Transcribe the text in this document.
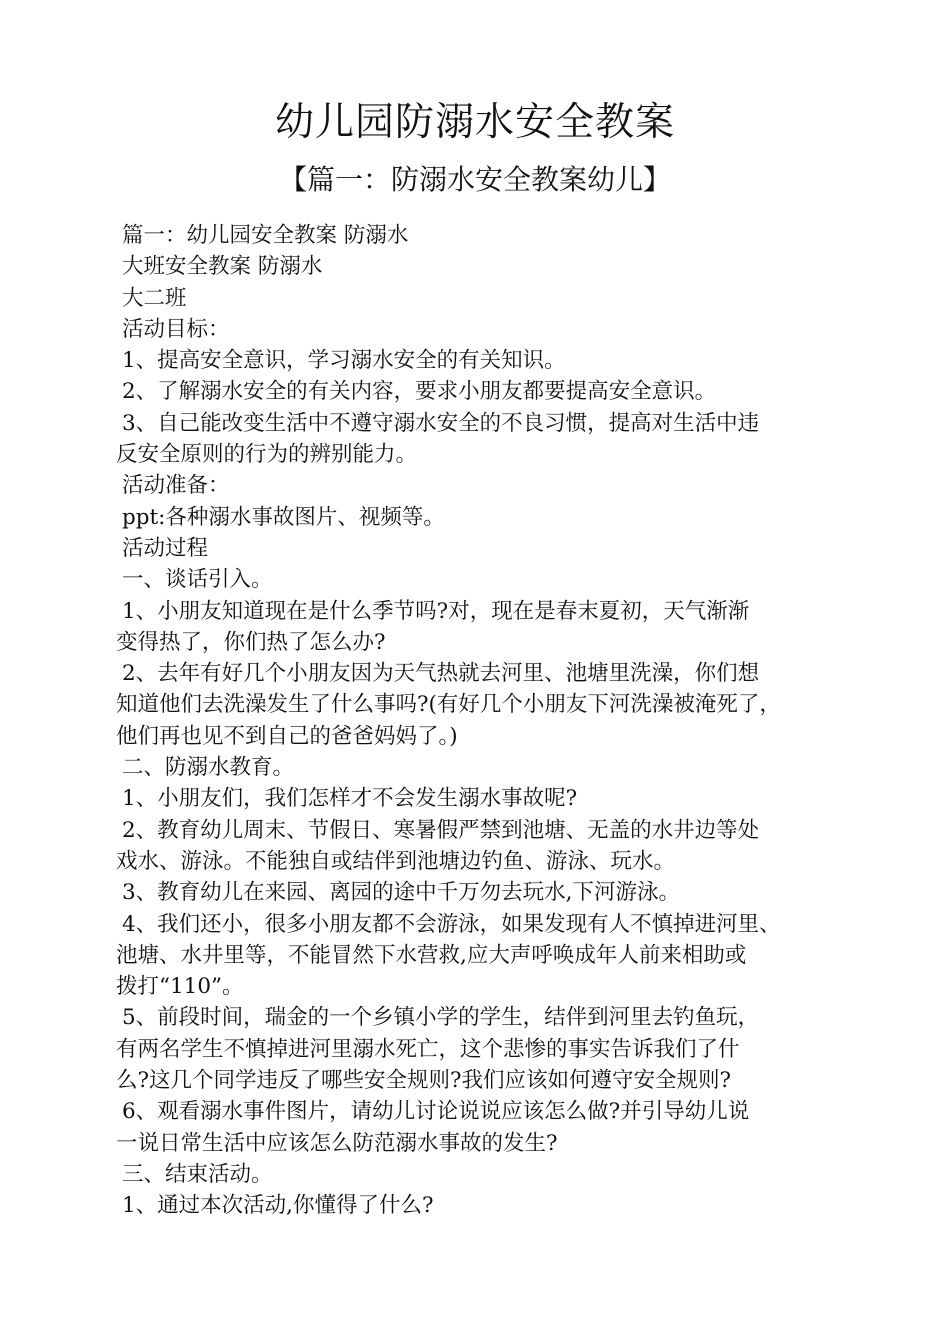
幼儿园防溺水安全教案
【篇一：防溺水安全教案幼儿】

篇一：幼儿园安全教案 防溺水

大班安全教案 防溺水

大二班

活动目标：

1、提高安全意识，学习溺水安全的有关知识。

2、了解溺水安全的有关内容，要求小朋友都要提高安全意识。

3、自己能改变生活中不遵守溺水安全的不良习惯，提高对生活中违

反安全原则的行为的辨别能力。

活动准备：

ppt:各种溺水事故图片、视频等。

活动过程

一、谈话引入。

1、小朋友知道现在是什么季节吗?对，现在是春末夏初，天气渐渐

变得热了，你们热了怎么办?

2、去年有好几个小朋友因为天气热就去河里、池塘里洗澡，你们想

知道他们去洗澡发生了什么事吗?(有好几个小朋友下河洗澡被淹死了，

他们再也见不到自己的爸爸妈妈了。)

二、防溺水教育。

1、小朋友们，我们怎样才不会发生溺水事故呢?

2、教育幼儿周末、节假日、寒暑假严禁到池塘、无盖的水井边等处

戏水、游泳。不能独自或结伴到池塘边钓鱼、游泳、玩水。

3、教育幼儿在来园、离园的途中千万勿去玩水,下河游泳。

4、我们还小，很多小朋友都不会游泳，如果发现有人不慎掉进河里、

池塘、水井里等，不能冒然下水营救,应大声呼唤成年人前来相助或

拨打“110”。

5、前段时间，瑞金的一个乡镇小学的学生，结伴到河里去钓鱼玩，

有两名学生不慎掉进河里溺水死亡，这个悲惨的事实告诉我们了什

么?这几个同学违反了哪些安全规则?我们应该如何遵守安全规则?

6、观看溺水事件图片，请幼儿讨论说说应该怎么做?并引导幼儿说

一说日常生活中应该怎么防范溺水事故的发生?

三、结束活动。

1、通过本次活动,你懂得了什么?
